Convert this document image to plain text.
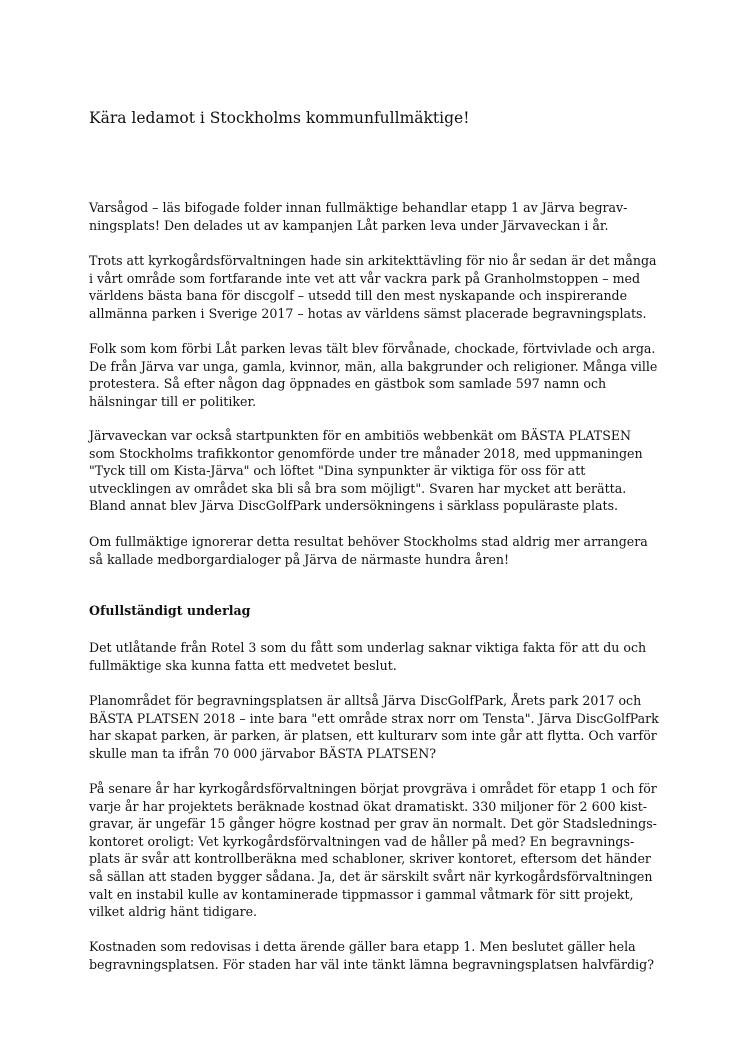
Kära ledamot i Stockholms kommunfullmäktige!

Varsågod – läs bifogade folder innan fullmäktige behandlar etapp 1 av Järva begrav-
ningsplats! Den delades ut av kampanjen Låt parken leva under Järvaveckan i år.

Trots att kyrkogårdsförvaltningen hade sin arkitekttävling för nio år sedan är det många
i vårt område som fortfarande inte vet att vår vackra park på Granholmstoppen – med
världens bästa bana för discgolf – utsedd till den mest nyskapande och inspirerande
allmänna parken i Sverige 2017 – hotas av världens sämst placerade begravningsplats.

Folk som kom förbi Låt parken levas tält blev förvånade, chockade, förtvivlade och arga.
De från Järva var unga, gamla, kvinnor, män, alla bakgrunder och religioner. Många ville
protestera. Så efter någon dag öppnades en gästbok som samlade 597 namn och
hälsningar till er politiker.

Järvaveckan var också startpunkten för en ambitiös webbenkät om BÄSTA PLATSEN
som Stockholms trafikkontor genomförde under tre månader 2018, med uppmaningen
"Tyck till om Kista-Järva" och löftet "Dina synpunkter är viktiga för oss för att
utvecklingen av området ska bli så bra som möjligt". Svaren har mycket att berätta.
Bland annat blev Järva DiscGolfPark undersökningens i särklass populäraste plats.

Om fullmäktige ignorerar detta resultat behöver Stockholms stad aldrig mer arrangera
så kallade medborgardialoger på Järva de närmaste hundra åren!

Ofullständigt underlag

Det utlåtande från Rotel 3 som du fått som underlag saknar viktiga fakta för att du och
fullmäktige ska kunna fatta ett medvetet beslut.

Planområdet för begravningsplatsen är alltså Järva DiscGolfPark, Årets park 2017 och
BÄSTA PLATSEN 2018 – inte bara "ett område strax norr om Tensta". Järva DiscGolfPark
har skapat parken, är parken, är platsen, ett kulturarv som inte går att flytta. Och varför
skulle man ta ifrån 70 000 järvabor BÄSTA PLATSEN?

På senare år har kyrkogårdsförvaltningen börjat provgräva i området för etapp 1 och för
varje år har projektets beräknade kostnad ökat dramatiskt. 330 miljoner för 2 600 kist-
gravar, är ungefär 15 gånger högre kostnad per grav än normalt. Det gör Stadslednings-
kontoret oroligt: Vet kyrkogårdsförvaltningen vad de håller på med? En begravnings-
plats är svår att kontrollberäkna med schabloner, skriver kontoret, eftersom det händer
så sällan att staden bygger sådana. Ja, det är särskilt svårt när kyrkogårdsförvaltningen
valt en instabil kulle av kontaminerade tippmassor i gammal våtmark för sitt projekt,
vilket aldrig hänt tidigare.

Kostnaden som redovisas i detta ärende gäller bara etapp 1. Men beslutet gäller hela
begravningsplatsen. För staden har väl inte tänkt lämna begravningsplatsen halvfärdig?
